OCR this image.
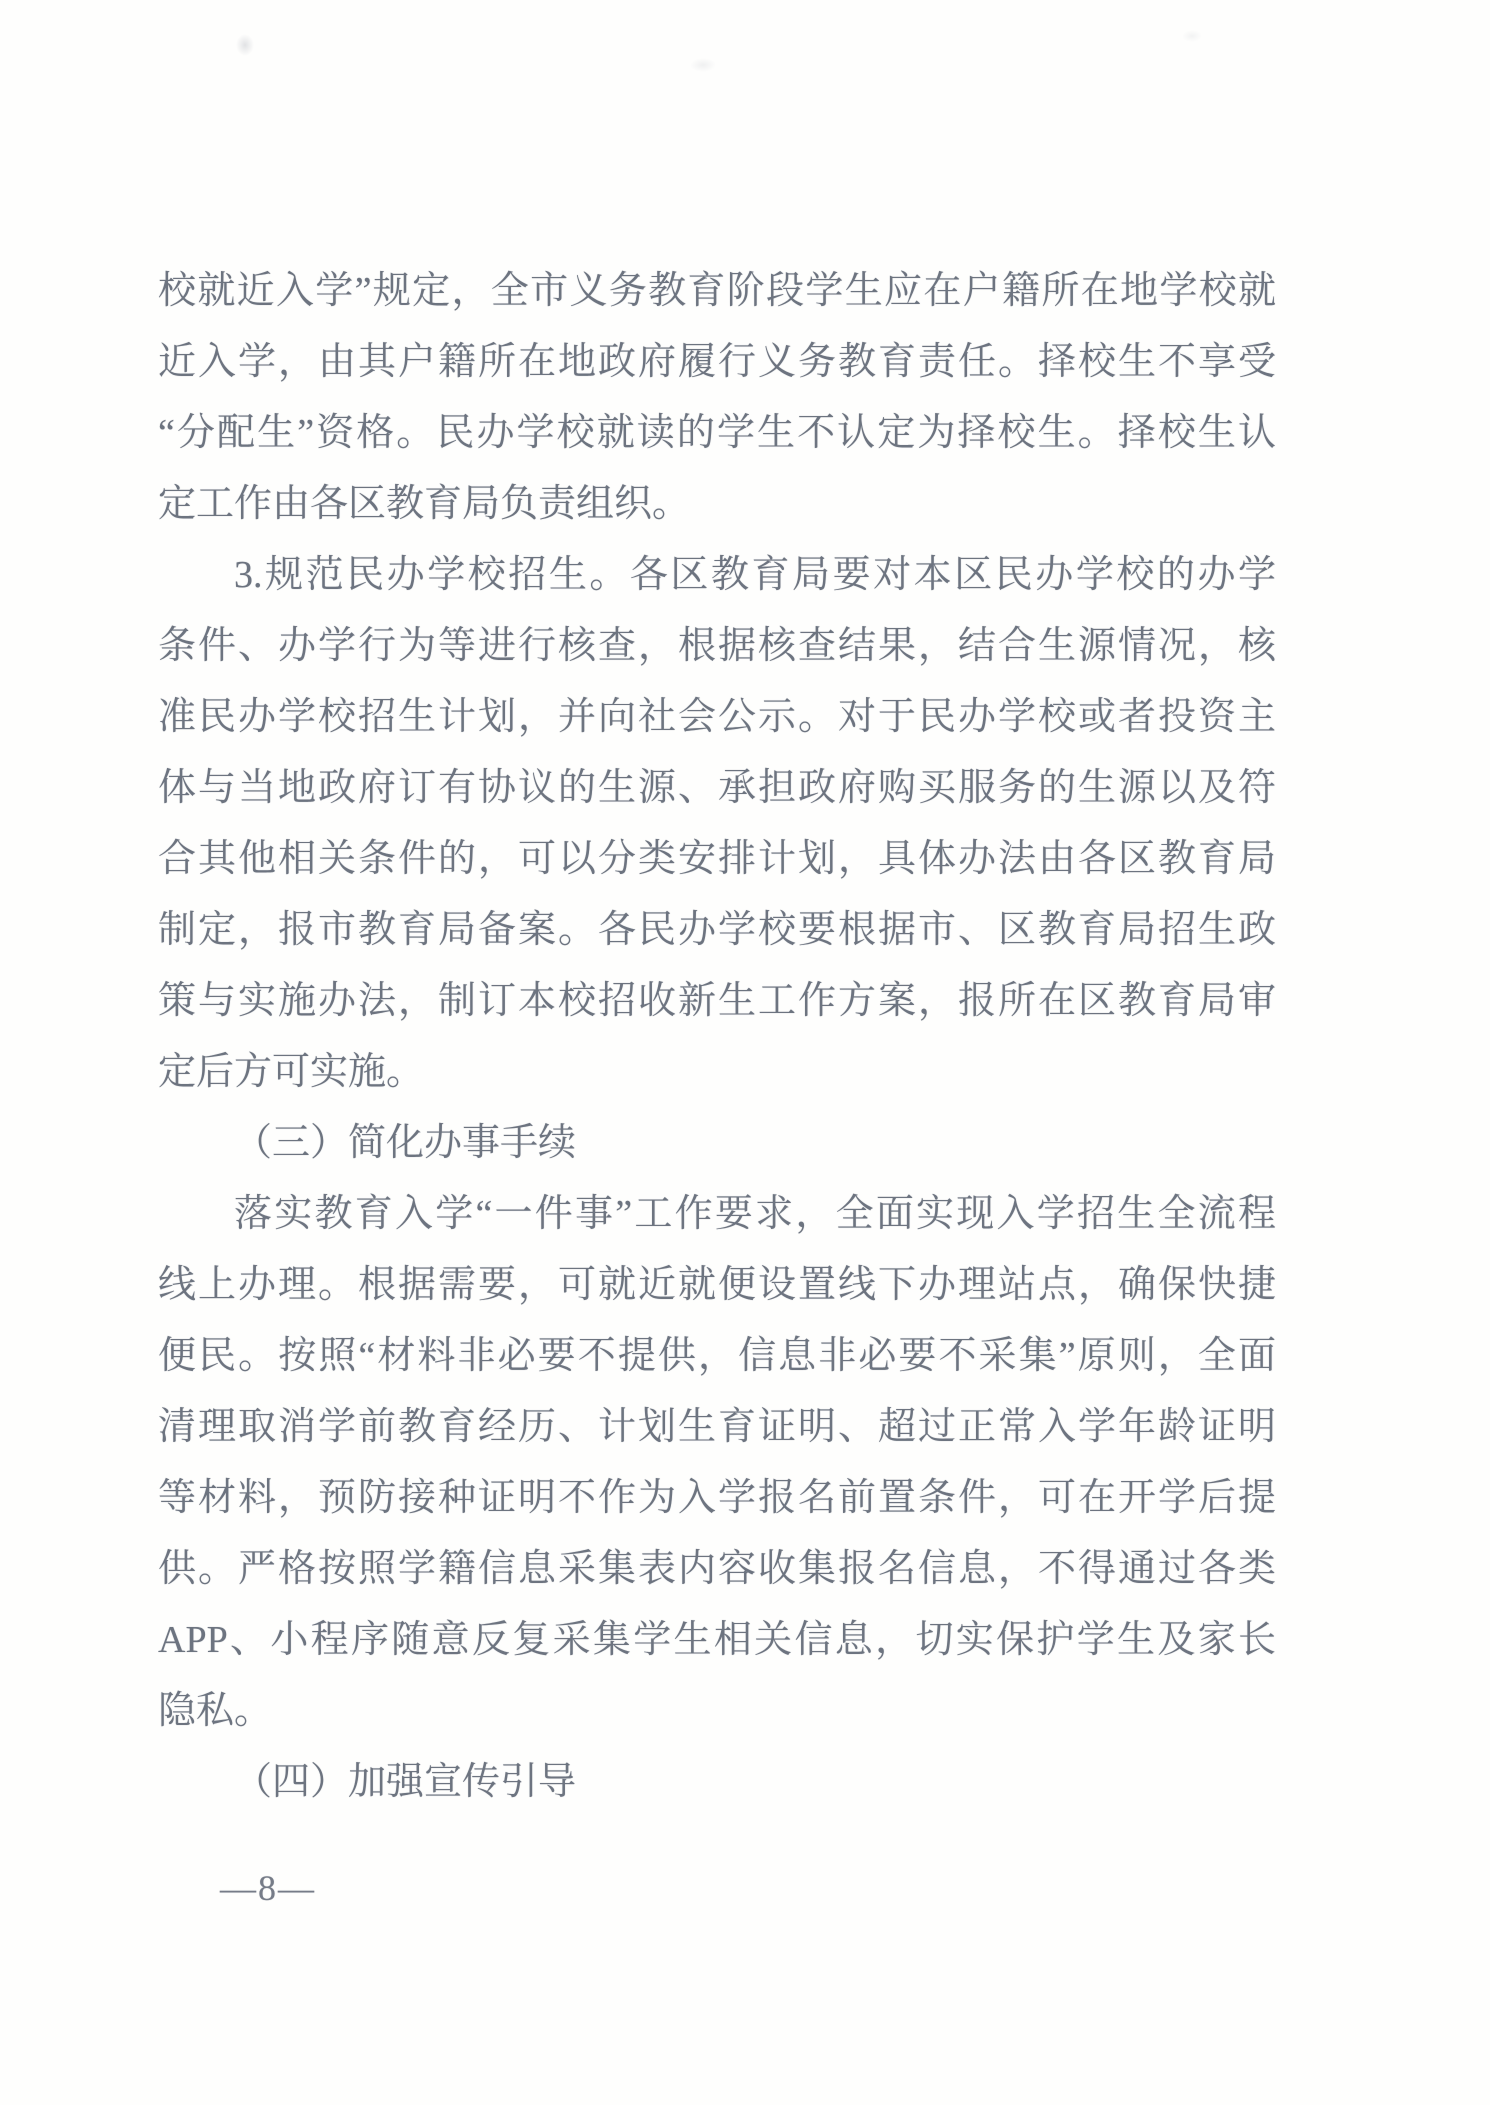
校就近入学”规定，全市义务教育阶段学生应在户籍所在地学校就
近入学，由其户籍所在地政府履行义务教育责任。择校生不享受
“分配生”资格。民办学校就读的学生不认定为择校生。择校生认
定工作由各区教育局负责组织。
3.规范民办学校招生。各区教育局要对本区民办学校的办学
条件、办学行为等进行核查，根据核查结果，结合生源情况，核
准民办学校招生计划，并向社会公示。对于民办学校或者投资主
体与当地政府订有协议的生源、承担政府购买服务的生源以及符
合其他相关条件的，可以分类安排计划，具体办法由各区教育局
制定，报市教育局备案。各民办学校要根据市、区教育局招生政
策与实施办法，制订本校招收新生工作方案，报所在区教育局审
定后方可实施。
（三）简化办事手续
落实教育入学“一件事”工作要求，全面实现入学招生全流程
线上办理。根据需要，可就近就便设置线下办理站点，确保快捷
便民。按照“材料非必要不提供，信息非必要不采集”原则，全面
清理取消学前教育经历、计划生育证明、超过正常入学年龄证明
等材料，预防接种证明不作为入学报名前置条件，可在开学后提
供。严格按照学籍信息采集表内容收集报名信息，不得通过各类
APP、小程序随意反复采集学生相关信息，切实保护学生及家长
隐私。
（四）加强宣传引导
—8—
